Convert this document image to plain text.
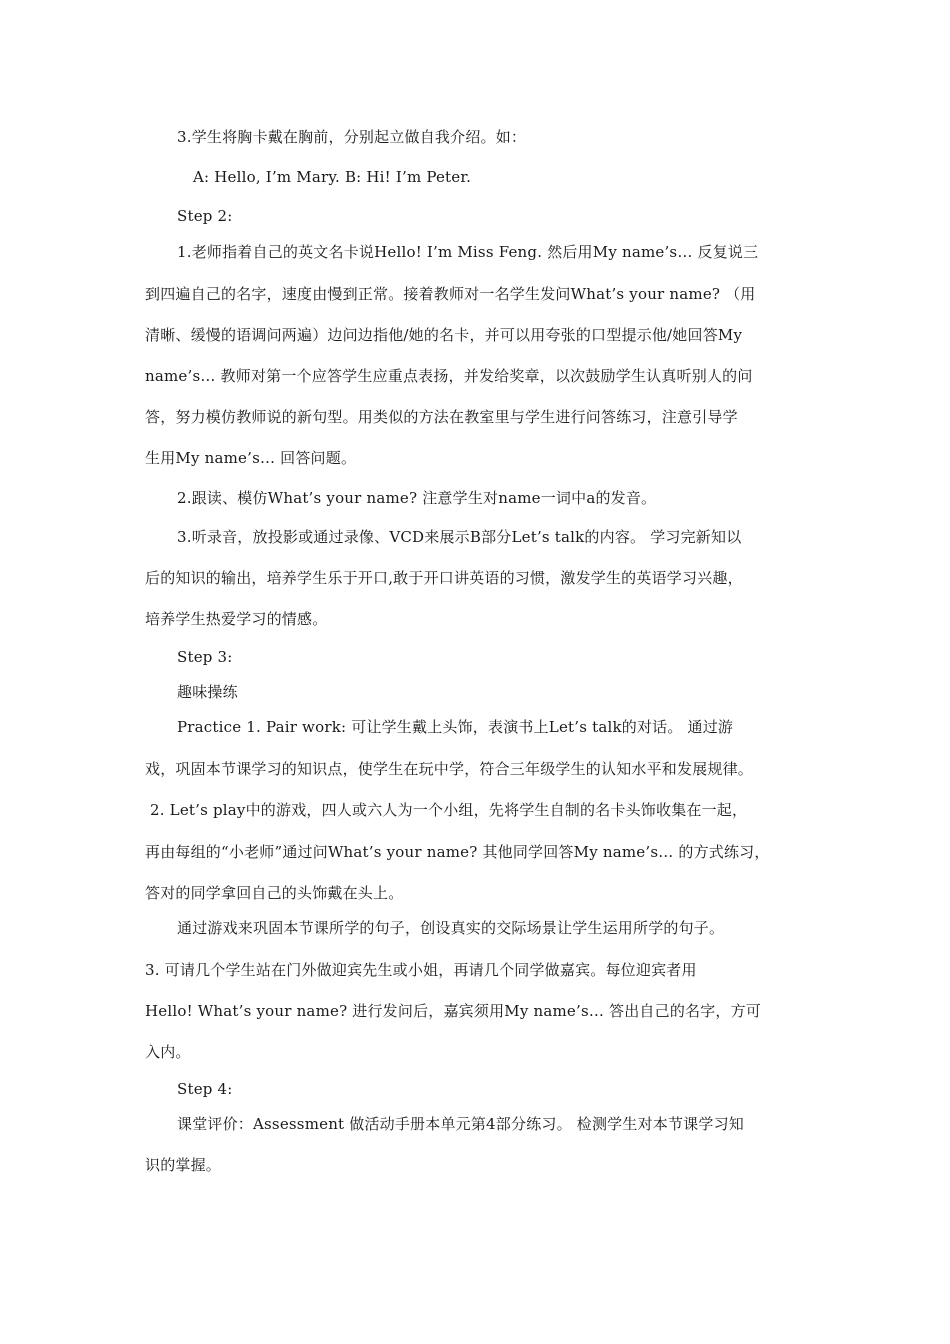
3.学生将胸卡戴在胸前，分别起立做自我介绍。如：
A: Hello, I’m Mary. B: Hi! I’m Peter.
Step 2:
1.老师指着自己的英文名卡说Hello! I’m Miss Feng. 然后用My name’s… 反复说三
到四遍自己的名字，速度由慢到正常。接着教师对一名学生发问What’s your name? （用
清晰、缓慢的语调问两遍）边问边指他/她的名卡，并可以用夸张的口型提示他/她回答My
name’s… 教师对第一个应答学生应重点表扬，并发给奖章，以次鼓励学生认真听别人的问
答，努力模仿教师说的新句型。用类似的方法在教室里与学生进行问答练习，注意引导学
生用My name’s… 回答问题。
2.跟读、模仿What’s your name? 注意学生对name一词中a的发音。
3.听录音，放投影或通过录像、VCD来展示B部分Let’s talk的内容。 学习完新知以
后的知识的输出，培养学生乐于开口,敢于开口讲英语的习惯，激发学生的英语学习兴趣，
培养学生热爱学习的情感。
Step 3:
趣味操练
Practice 1. Pair work: 可让学生戴上头饰，表演书上Let’s talk的对话。 通过游
戏，巩固本节课学习的知识点，使学生在玩中学，符合三年级学生的认知水平和发展规律。
2. Let’s play中的游戏，四人或六人为一个小组，先将学生自制的名卡头饰收集在一起，
再由每组的“小老师”通过问What’s your name? 其他同学回答My name’s… 的方式练习，
答对的同学拿回自己的头饰戴在头上。
通过游戏来巩固本节课所学的句子，创设真实的交际场景让学生运用所学的句子。
3. 可请几个学生站在门外做迎宾先生或小姐，再请几个同学做嘉宾。每位迎宾者用
Hello! What’s your name? 进行发问后，嘉宾须用My name’s… 答出自己的名字，方可
入内。
Step 4:
课堂评价：Assessment 做活动手册本单元第4部分练习。 检测学生对本节课学习知
识的掌握。
